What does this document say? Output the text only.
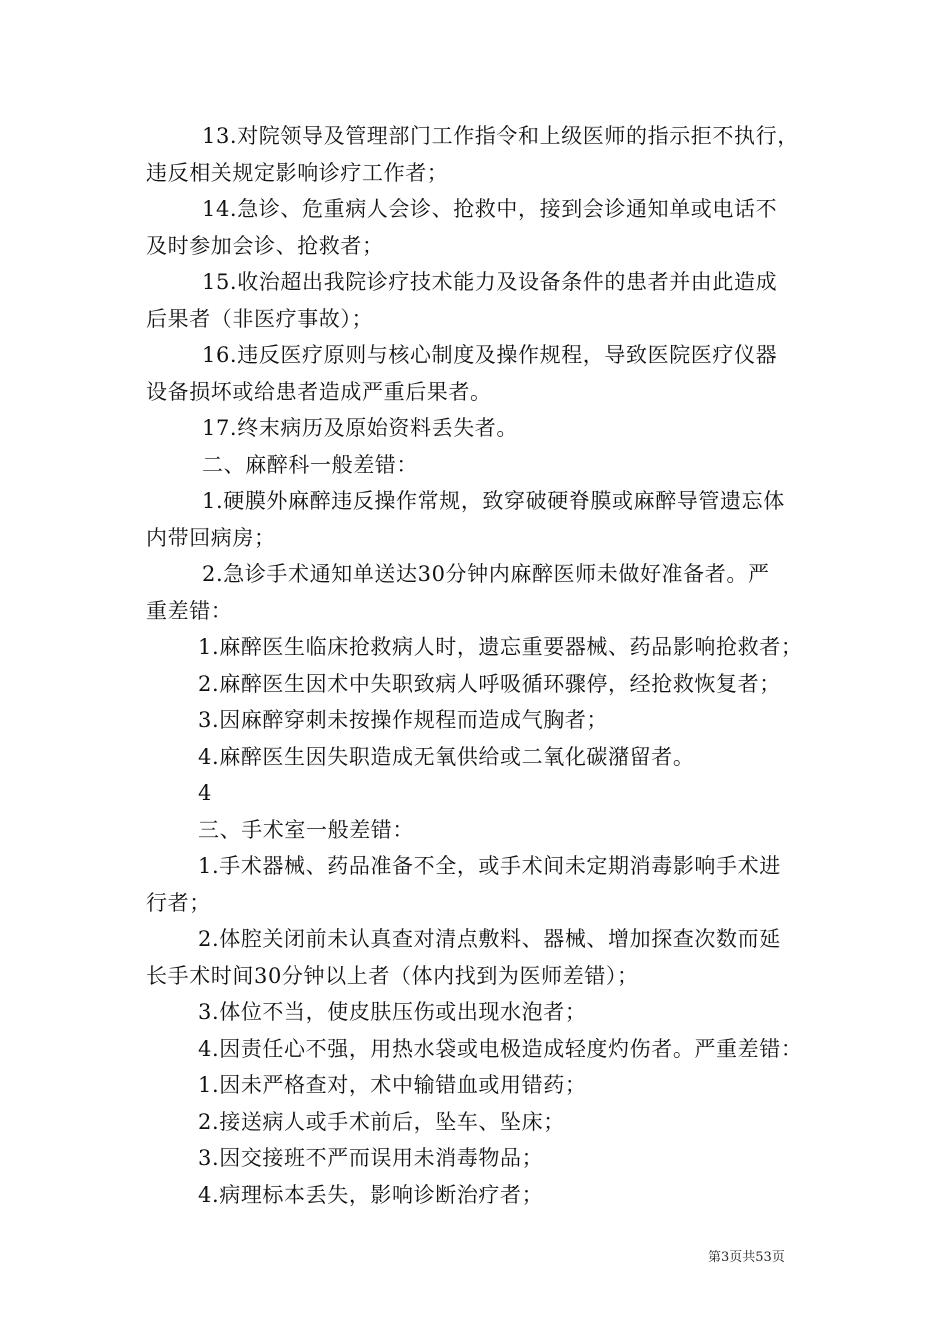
13.对院领导及管理部门工作指令和上级医师的指示拒不执行，
违反相关规定影响诊疗工作者；
14.急诊、危重病人会诊、抢救中，接到会诊通知单或电话不
及时参加会诊、抢救者；
15.收治超出我院诊疗技术能力及设备条件的患者并由此造成
后果者（非医疗事故）；
16.违反医疗原则与核心制度及操作规程，导致医院医疗仪器
设备损坏或给患者造成严重后果者。
17.终末病历及原始资料丢失者。
二、麻醉科一般差错：
1.硬膜外麻醉违反操作常规，致穿破硬脊膜或麻醉导管遗忘体
内带回病房；
2.急诊手术通知单送达30分钟内麻醉医师未做好准备者。严
重差错：
1.麻醉医生临床抢救病人时，遗忘重要器械、药品影响抢救者；
2.麻醉医生因术中失职致病人呼吸循环骤停，经抢救恢复者；
3.因麻醉穿刺未按操作规程而造成气胸者；
4.麻醉医生因失职造成无氧供给或二氧化碳潴留者。
4
三、手术室一般差错：
1.手术器械、药品准备不全，或手术间未定期消毒影响手术进
行者；
2.体腔关闭前未认真查对清点敷料、器械、增加探查次数而延
长手术时间30分钟以上者（体内找到为医师差错）；
3.体位不当，使皮肤压伤或出现水泡者；
4.因责任心不强，用热水袋或电极造成轻度灼伤者。严重差错：
1.因未严格查对，术中输错血或用错药；
2.接送病人或手术前后，坠车、坠床；
3.因交接班不严而误用未消毒物品；
4.病理标本丢失，影响诊断治疗者；
第3页共53页
